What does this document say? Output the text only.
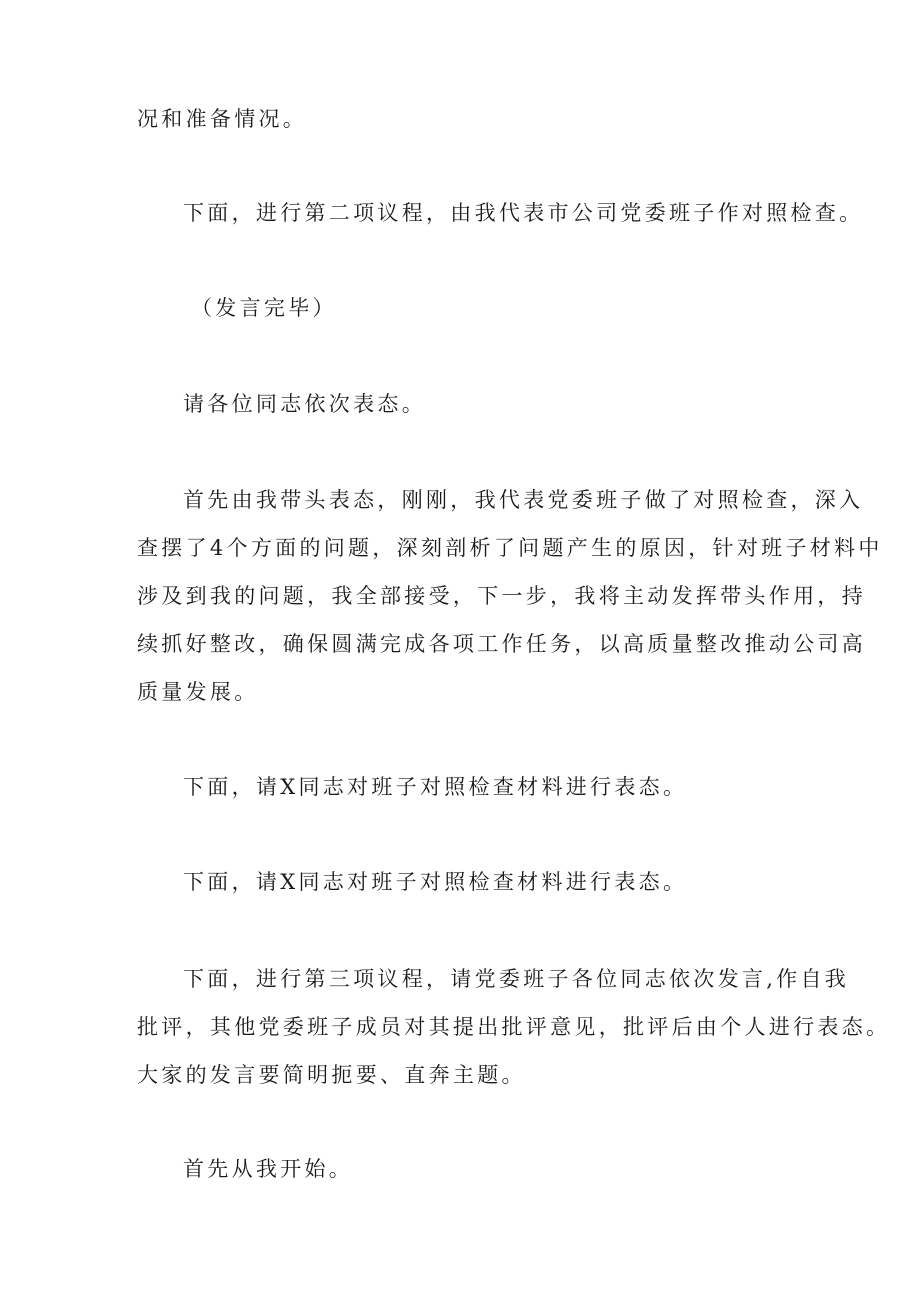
况和准备情况。

下面，进行第二项议程，由我代表市公司党委班子作对照检查。

（发言完毕）

请各位同志依次表态。

首先由我带头表态，刚刚，我代表党委班子做了对照检查，深入
查摆了4个方面的问题，深刻剖析了问题产生的原因，针对班子材料中
涉及到我的问题，我全部接受，下一步，我将主动发挥带头作用，持
续抓好整改，确保圆满完成各项工作任务，以高质量整改推动公司高
质量发展。

下面，请X同志对班子对照检查材料进行表态。

下面，请X同志对班子对照检查材料进行表态。

下面，进行第三项议程，请党委班子各位同志依次发言,作自我
批评，其他党委班子成员对其提出批评意见，批评后由个人进行表态。
大家的发言要简明扼要、直奔主题。

首先从我开始。
